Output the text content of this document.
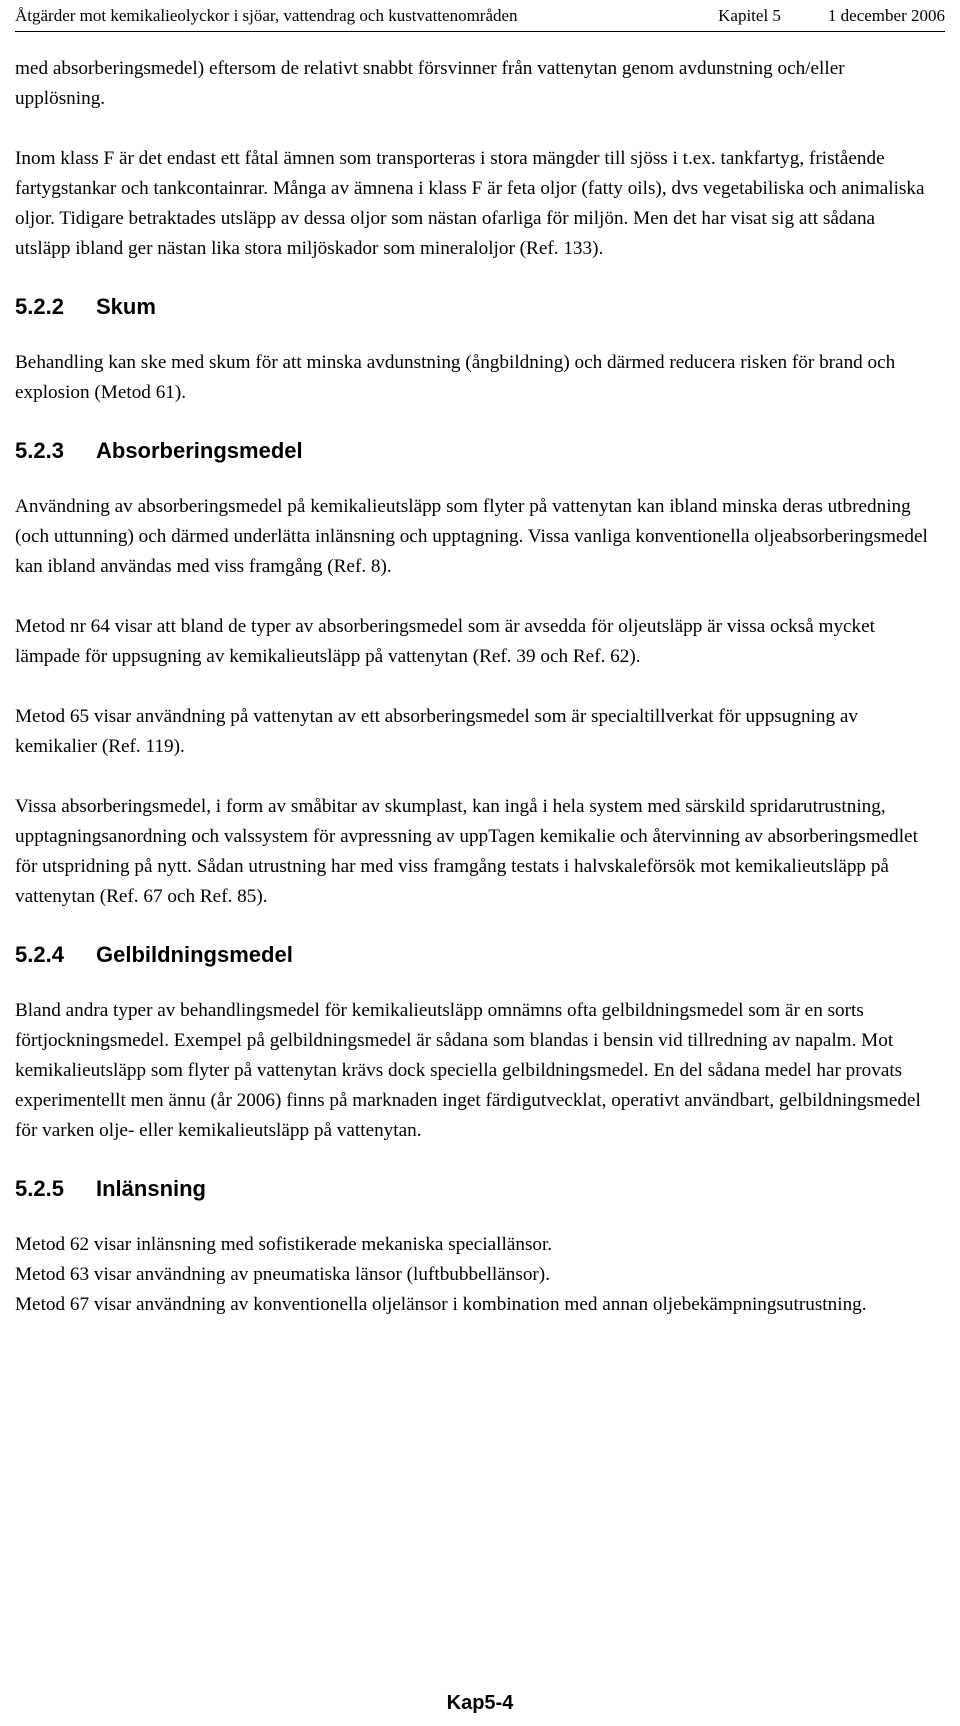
Åtgärder mot kemikalieolyckor i sjöar, vattendrag och kustvattenområden	Kapitel 5	1 december 2006

med absorberingsmedel) eftersom de relativt snabbt försvinner från vattenytan genom avdunstning och/eller upplösning.

Inom klass F är det endast ett fåtal ämnen som transporteras i stora mängder till sjöss i t.ex. tankfartyg, fristående fartygstankar och tankcontainrar. Många av ämnena i klass F är feta oljor (fatty oils), dvs vegetabiliska och animaliska oljor. Tidigare betraktades utsläpp av dessa oljor som nästan ofarliga för miljön. Men det har visat sig att sådana utsläpp ibland ger nästan lika stora miljöskador som mineraloljor (Ref. 133).

5.2.2 Skum

Behandling kan ske med skum för att minska avdunstning (ångbildning) och därmed reducera risken för brand och explosion (Metod 61).

5.2.3 Absorberingsmedel

Användning av absorberingsmedel på kemikalieutsläpp som flyter på vattenytan kan ibland minska deras utbredning (och uttunning) och därmed underlätta inlänsning och upptagning. Vissa vanliga konventionella oljeabsorberingsmedel kan ibland användas med viss framgång (Ref. 8).

Metod nr 64 visar att bland de typer av absorberingsmedel som är avsedda för oljeutsläpp är vissa också mycket lämpade för uppsugning av kemikalieutsläpp på vattenytan (Ref. 39 och Ref. 62).

Metod 65 visar användning på vattenytan av ett absorberingsmedel som är specialtillverkat för uppsugning av kemikalier (Ref. 119).

Vissa absorberingsmedel, i form av småbitar av skumplast, kan ingå i hela system med särskild spridarutrustning, upptagningsanordning och valssystem för avpressning av uppTagen kemikalie och återvinning av absorberingsmedlet för utspridning på nytt. Sådan utrustning har med viss framgång testats i halvskaleförsök mot kemikalieutsläpp på vattenytan (Ref. 67 och Ref. 85).

5.2.4 Gelbildningsmedel

Bland andra typer av behandlingsmedel för kemikalieutsläpp omnämns ofta gelbildningsmedel som är en sorts förtjockningsmedel. Exempel på gelbildningsmedel är sådana som blandas i bensin vid tillredning av napalm. Mot kemikalieutsläpp som flyter på vattenytan krävs dock speciella gelbildningsmedel. En del sådana medel har provats experimentellt men ännu (år 2006) finns på marknaden inget färdigutvecklat, operativt användbart, gelbildningsmedel för varken olje- eller kemikalieutsläpp på vattenytan.

5.2.5 Inlänsning

Metod 62 visar inlänsning med sofistikerade mekaniska speciallänsor.

Metod 63 visar användning av pneumatiska länsor (luftbubbellänsor).

Metod 67 visar användning av konventionella oljelänsor i kombination med annan oljebekämpningsutrustning.

Kap5-4
